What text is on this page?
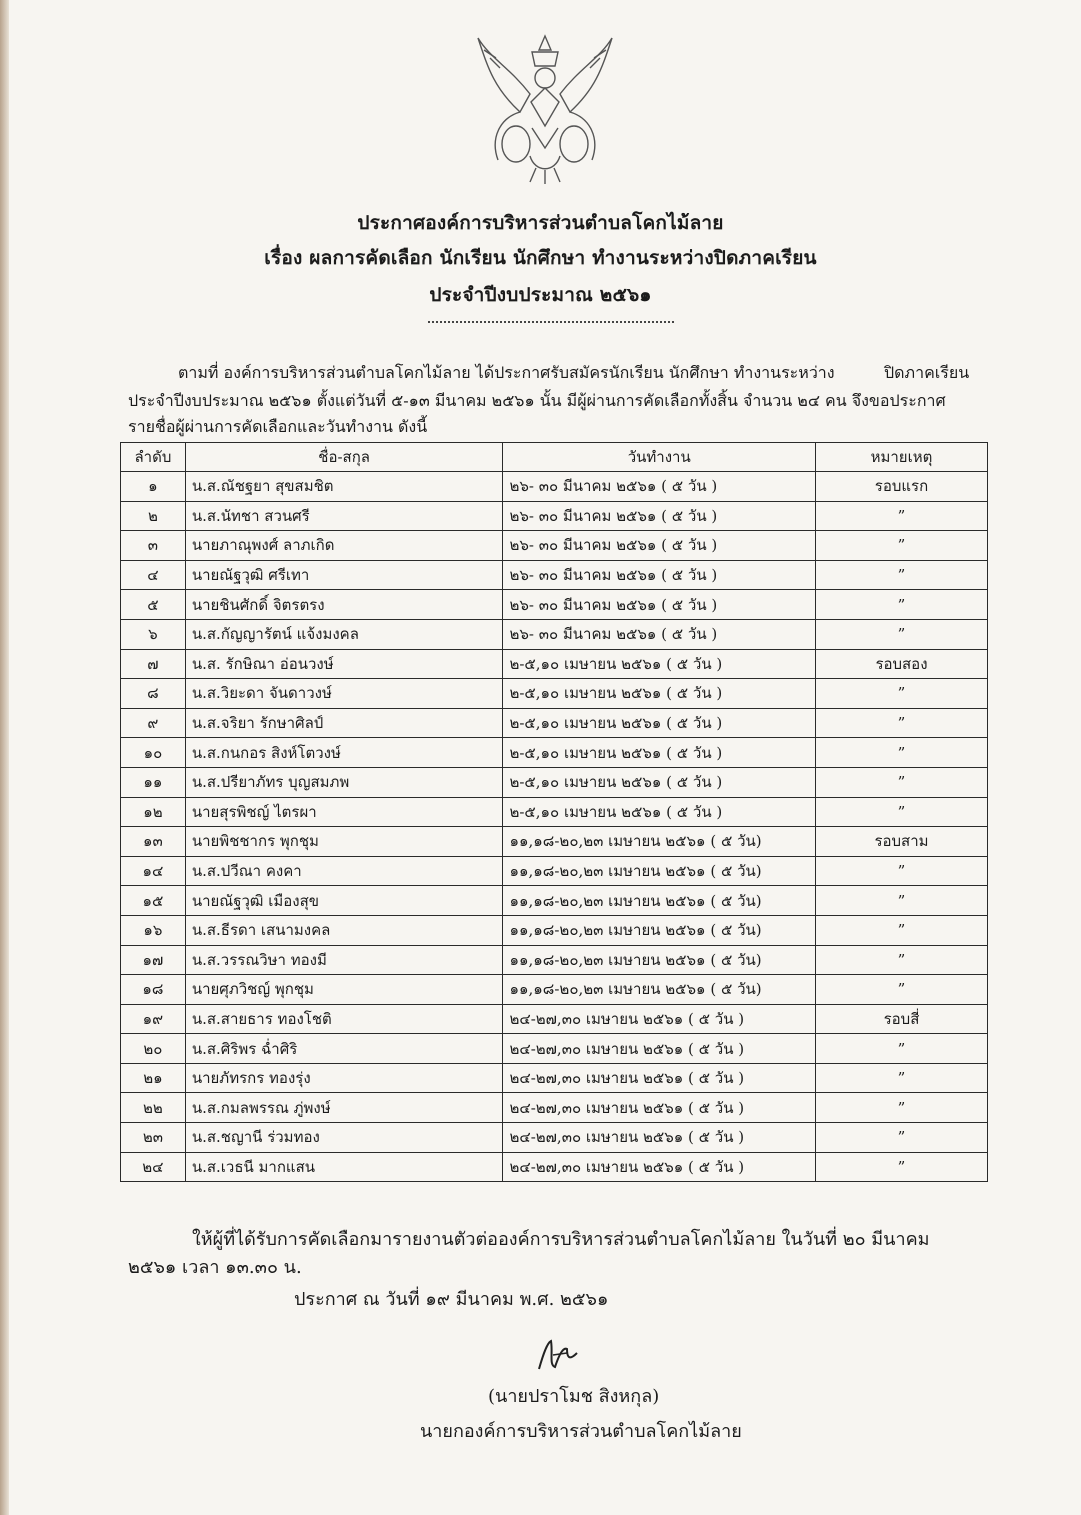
ประกาศองค์การบริหารส่วนตำบลโคกไม้ลาย
เรื่อง ผลการคัดเลือก นักเรียน นักศึกษา ทำงานระหว่างปิดภาคเรียน
ประจำปีงบประมาณ ๒๕๖๑
ตามที่ องค์การบริหารส่วนตำบลโคกไม้ลาย ได้ประกาศรับสมัครนักเรียน นักศึกษา ทำงานระหว่าง	ปิดภาคเรียน
ประจำปีงบประมาณ ๒๕๖๑ ตั้งแต่วันที่ ๕-๑๓ มีนาคม ๒๕๖๑ นั้น มีผู้ผ่านการคัดเลือกทั้งสิ้น จำนวน ๒๔ คน จึงขอประกาศ
รายชื่อผู้ผ่านการคัดเลือกและวันทำงาน ดังนี้
ลำดับ	ชื่อ-สกุล	วันทำงาน	หมายเหตุ
๑	น.ส.ณัชฐยา สุขสมชิต	๒๖- ๓๐ มีนาคม ๒๕๖๑ ( ๕ วัน )	รอบแรก
๒	น.ส.นัทชา สวนศรี	๒๖- ๓๐ มีนาคม ๒๕๖๑ ( ๕ วัน )	”
๓	นายภาณุพงศ์ ลาภเกิด	๒๖- ๓๐ มีนาคม ๒๕๖๑ ( ๕ วัน )	”
๔	นายณัฐวุฒิ ศรีเทา	๒๖- ๓๐ มีนาคม ๒๕๖๑ ( ๕ วัน )	”
๕	นายชินศักดิ์ จิตรตรง	๒๖- ๓๐ มีนาคม ๒๕๖๑ ( ๕ วัน )	”
๖	น.ส.กัญญารัตน์ แจ้งมงคล	๒๖- ๓๐ มีนาคม ๒๕๖๑ ( ๕ วัน )	”
๗	น.ส. รักษิณา อ่อนวงษ์	๒-๕,๑๐ เมษายน ๒๕๖๑ ( ๕ วัน )	รอบสอง
๘	น.ส.วิยะดา จันดาวงษ์	๒-๕,๑๐ เมษายน ๒๕๖๑ ( ๕ วัน )	”
๙	น.ส.จริยา รักษาศิลป์	๒-๕,๑๐ เมษายน ๒๕๖๑ ( ๕ วัน )	”
๑๐	น.ส.กนกอร สิงห์โตวงษ์	๒-๕,๑๐ เมษายน ๒๕๖๑ ( ๕ วัน )	”
๑๑	น.ส.ปรียาภัทร บุญสมภพ	๒-๕,๑๐ เมษายน ๒๕๖๑ ( ๕ วัน )	”
๑๒	นายสุรพิชญ์ ไตรผา	๒-๕,๑๐ เมษายน ๒๕๖๑ ( ๕ วัน )	”
๑๓	นายพิชชากร พุกชุม	๑๑,๑๘-๒๐,๒๓ เมษายน ๒๕๖๑ ( ๕ วัน)	รอบสาม
๑๔	น.ส.ปวีณา คงคา	๑๑,๑๘-๒๐,๒๓ เมษายน ๒๕๖๑ ( ๕ วัน)	”
๑๕	นายณัฐวุฒิ เมืองสุข	๑๑,๑๘-๒๐,๒๓ เมษายน ๒๕๖๑ ( ๕ วัน)	”
๑๖	น.ส.ธีรดา เสนามงคล	๑๑,๑๘-๒๐,๒๓ เมษายน ๒๕๖๑ ( ๕ วัน)	”
๑๗	น.ส.วรรณวิษา ทองมี	๑๑,๑๘-๒๐,๒๓ เมษายน ๒๕๖๑ ( ๕ วัน)	”
๑๘	นายศุภวิชญ์ พุกชุม	๑๑,๑๘-๒๐,๒๓ เมษายน ๒๕๖๑ ( ๕ วัน)	”
๑๙	น.ส.สายธาร ทองโชติ	๒๔-๒๗,๓๐ เมษายน ๒๕๖๑ ( ๕ วัน )	รอบสี่
๒๐	น.ส.ศิริพร ฉ่ำศิริ	๒๔-๒๗,๓๐ เมษายน ๒๕๖๑ ( ๕ วัน )	”
๒๑	นายภัทรกร ทองรุ่ง	๒๔-๒๗,๓๐ เมษายน ๒๕๖๑ ( ๕ วัน )	”
๒๒	น.ส.กมลพรรณ ภู่พงษ์	๒๔-๒๗,๓๐ เมษายน ๒๕๖๑ ( ๕ วัน )	”
๒๓	น.ส.ชญานี ร่วมทอง	๒๔-๒๗,๓๐ เมษายน ๒๕๖๑ ( ๕ วัน )	”
๒๔	น.ส.เวธนี มากแสน	๒๔-๒๗,๓๐ เมษายน ๒๕๖๑ ( ๕ วัน )	”
ให้ผู้ที่ได้รับการคัดเลือกมารายงานตัวต่อองค์การบริหารส่วนตำบลโคกไม้ลาย ในวันที่ ๒๐ มีนาคม
๒๕๖๑ เวลา ๑๓.๓๐ น.
ประกาศ ณ วันที่ ๑๙ มีนาคม พ.ศ. ๒๕๖๑
(นายปราโมช สิงหกุล)
นายกองค์การบริหารส่วนตำบลโคกไม้ลาย
